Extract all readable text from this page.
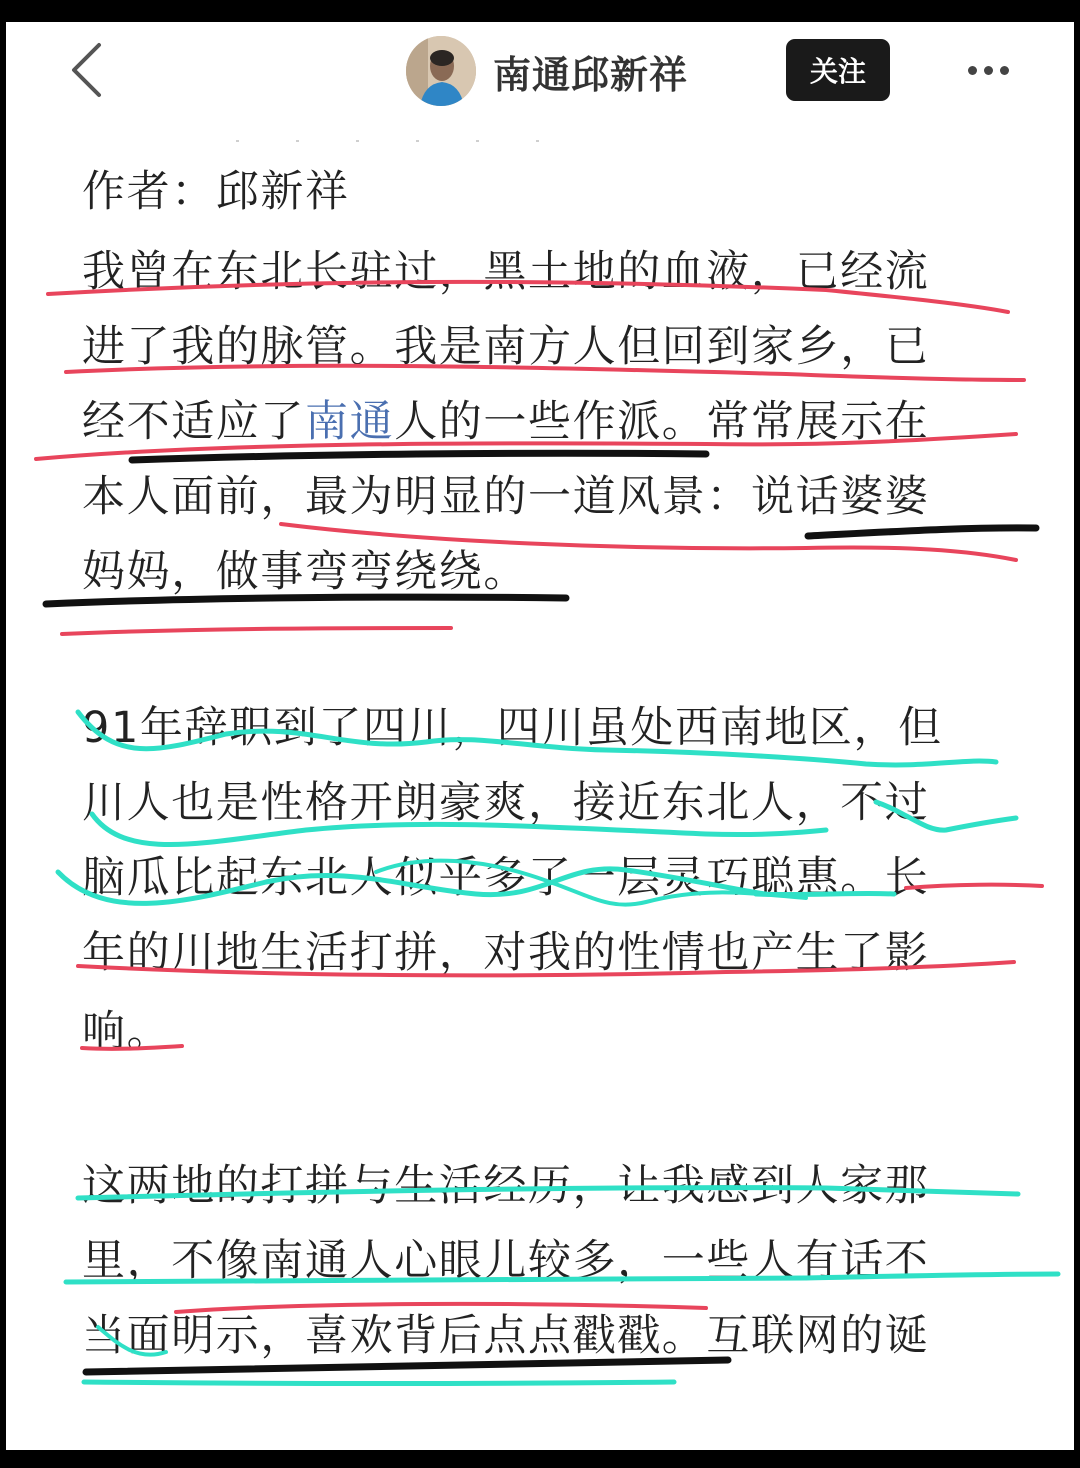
南通邱新祥	关注

作者：邱新祥

我曾在东北长驻过，黑土地的血液，已经流

进了我的脉管。我是南方人但回到家乡，已

经不适应了南通人的一些作派。常常展示在

本人面前，最为明显的一道风景：说话婆婆

妈妈，做事弯弯绕绕。

91年辞职到了四川，四川虽处西南地区，但

川人也是性格开朗豪爽，接近东北人，不过

脑瓜比起东北人似乎多了一层灵巧聪惠。长

年的川地生活打拼，对我的性情也产生了影

响。

这两地的打拼与生活经历，让我感到人家那

里，不像南通人心眼儿较多，一些人有话不

当面明示，喜欢背后点点戳戳。互联网的诞
